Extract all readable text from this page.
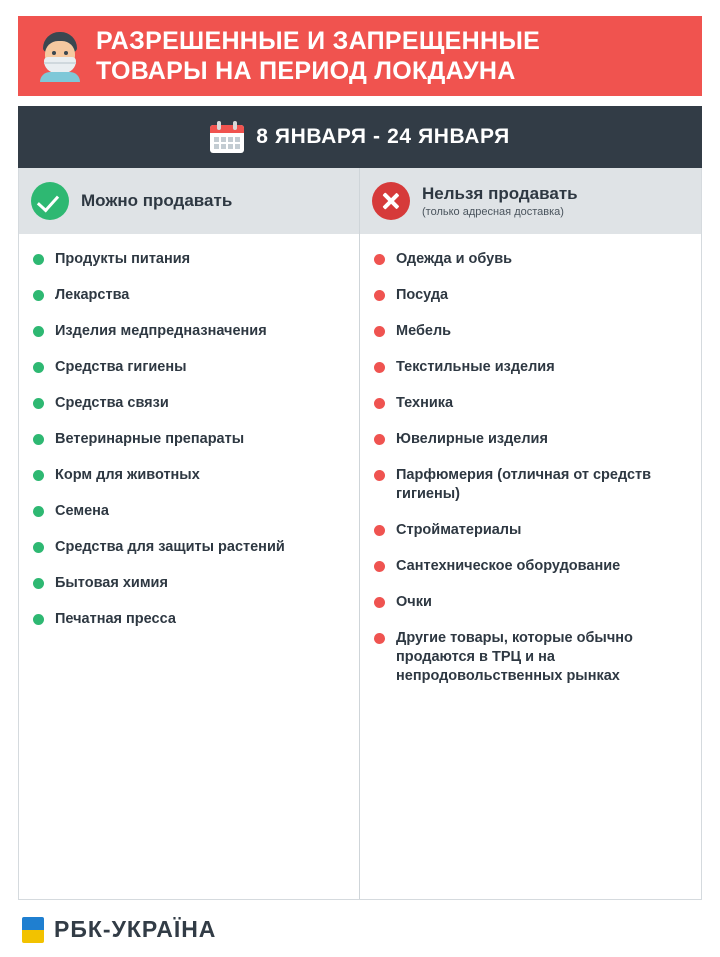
РАЗРЕШЕННЫЕ И ЗАПРЕЩЕННЫЕ
ТОВАРЫ НА ПЕРИОД ЛОКДАУНА
8 ЯНВАРЯ - 24 ЯНВАРЯ
Можно продавать
Продукты питания
Лекарства
Изделия медпредназначения
Средства гигиены
Средства связи
Ветеринарные препараты
Корм для животных
Семена
Средства для защиты растений
Бытовая химия
Печатная пресса
Нельзя продавать
(только адресная доставка)
Одежда и обувь
Посуда
Мебель
Текстильные изделия
Техника
Ювелирные изделия
Парфюмерия (отличная от средств гигиены)
Стройматериалы
Сантехническое оборудование
Очки
Другие товары, которые обычно продаются в ТРЦ и на непродовольственных рынках
РБК-УКРАЇНА
